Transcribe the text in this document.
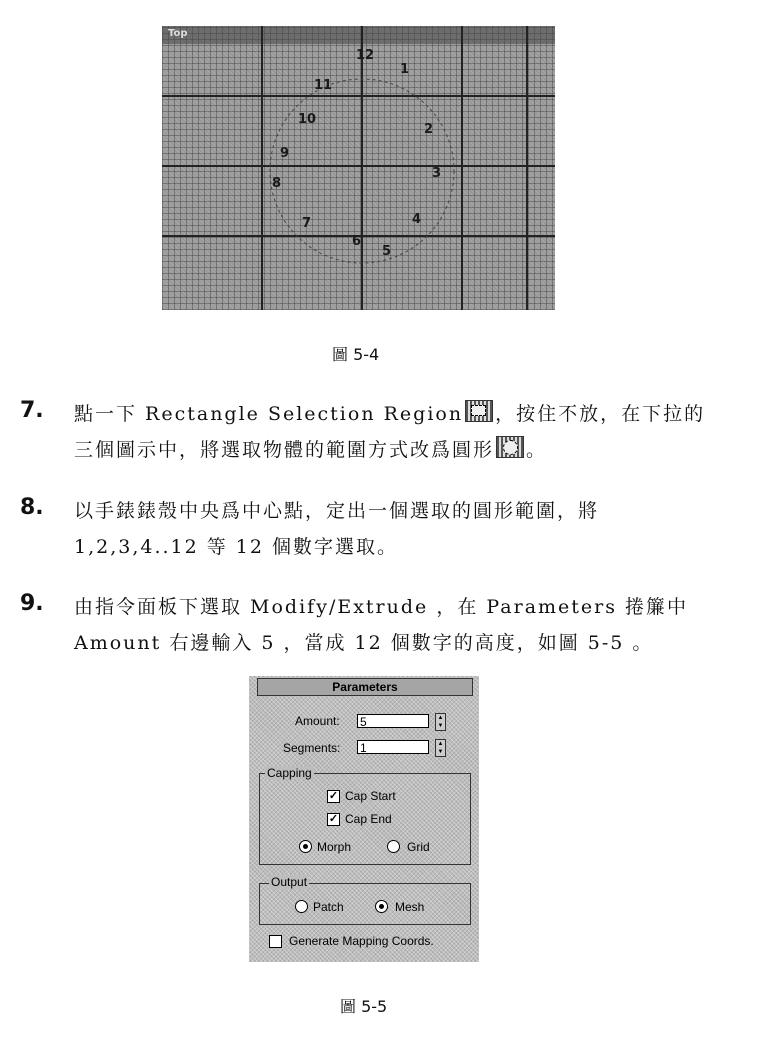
Top
12
1
2
3
4
5
6
7
8
9
10
11
圖 5-4
7. 點一下 Rectangle Selection Region ，按住不放，在下拉的
三個圖示中，將選取物體的範圍方式改爲圓形 。
8. 以手錶錶殼中央爲中心點，定出一個選取的圓形範圍，將
1,2,3,4..12 等 12 個數字選取。
9. 由指令面板下選取 Modify/Extrude ，在 Parameters 捲簾中
Amount 右邊輸入 5 ，當成 12 個數字的高度，如圖 5-5 。
Parameters
Amount: 5	▲
▼
Segments: 1	▲
▼
Capping
✓ Cap Start
✓ Cap End
Morph	Grid
Output
Patch	Mesh
Generate Mapping Coords.
圖 5-5
